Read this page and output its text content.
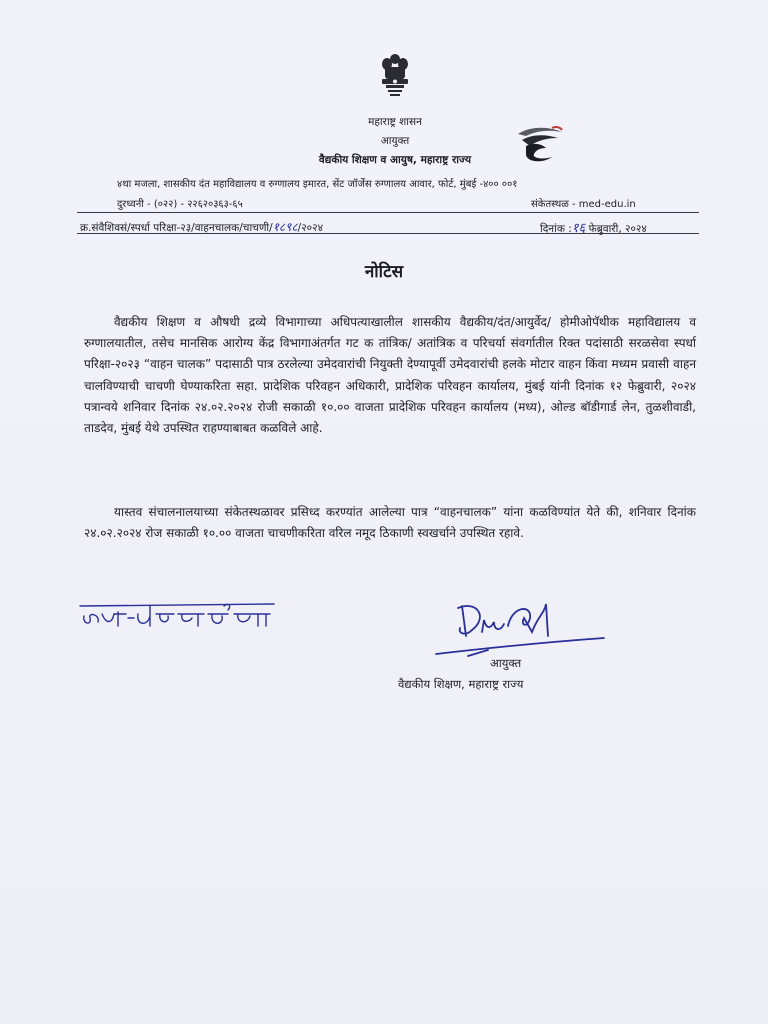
महाराष्ट्र शासन
आयुक्त
वैद्यकीय शिक्षण व आयुष, महाराष्ट्र राज्य
४था मजला, शासकीय दंत महाविद्यालय व रुग्णालय इमारत, सेंट जॉर्जेस रुग्णालय आवार, फोर्ट, मुंबई -४०० ००१
दुरध्वनी - (०२२) - २२६२०३६३-६५	संकेतस्थळ - med-edu.in
क्र.संवैशिवसं/स्पर्धा परिक्षा-२३/वाहनचालक/चाचणी/१८९८/२०२४	दिनांक :१६ फेब्रुवारी, २०२४
नोटिस

वैद्यकीय शिक्षण व औषधी द्रव्ये विभागाच्या अधिपत्याखालील शासकीय वैद्यकीय/दंत/आयुर्वेद/ होमीओपॅथीक महाविद्यालय व रुग्णालयातील, तसेच मानसिक आरोग्य केंद्र विभागाअंतर्गत गट क तांत्रिक/ अतांत्रिक व परिचर्या संवर्गातील रिक्त पदांसाठी सरळसेवा स्पर्धा परिक्षा-२०२३ “वाहन चालक” पदासाठी पात्र ठरलेल्या उमेदवारांची नियुक्ती देण्यापूर्वी उमेदवारांची हलके मोटार वाहन किंवा मध्यम प्रवासी वाहन चालविण्याची चाचणी घेण्याकरिता सहा. प्रादेशिक परिवहन अधिकारी, प्रादेशिक परिवहन कार्यालय, मुंबई यांनी दिनांक १२ फेब्रुवारी, २०२४ पत्रान्वये शनिवार दिनांक २४.०२.२०२४ रोजी सकाळी १०.०० वाजता प्रादेशिक परिवहन कार्यालय (मध्य), ओल्ड बॉडीगार्ड लेन, तुळशीवाडी, ताडदेव, मुंबई येथे उपस्थित राहण्याबाबत कळविले आहे.

यास्तव संचालनालयाच्या संकेतस्थळावर प्रसिध्द करण्यांत आलेल्या पात्र “वाहनचालक” यांना कळविण्यांत येते की, शनिवार दिनांक २४.०२.२०२४ रोज सकाळी १०.०० वाजता चाचणीकरिता वरिल नमूद ठिकाणी स्वखर्चाने उपस्थित रहावे.

आयुक्त
वैद्यकीय शिक्षण, महाराष्ट्र राज्य
